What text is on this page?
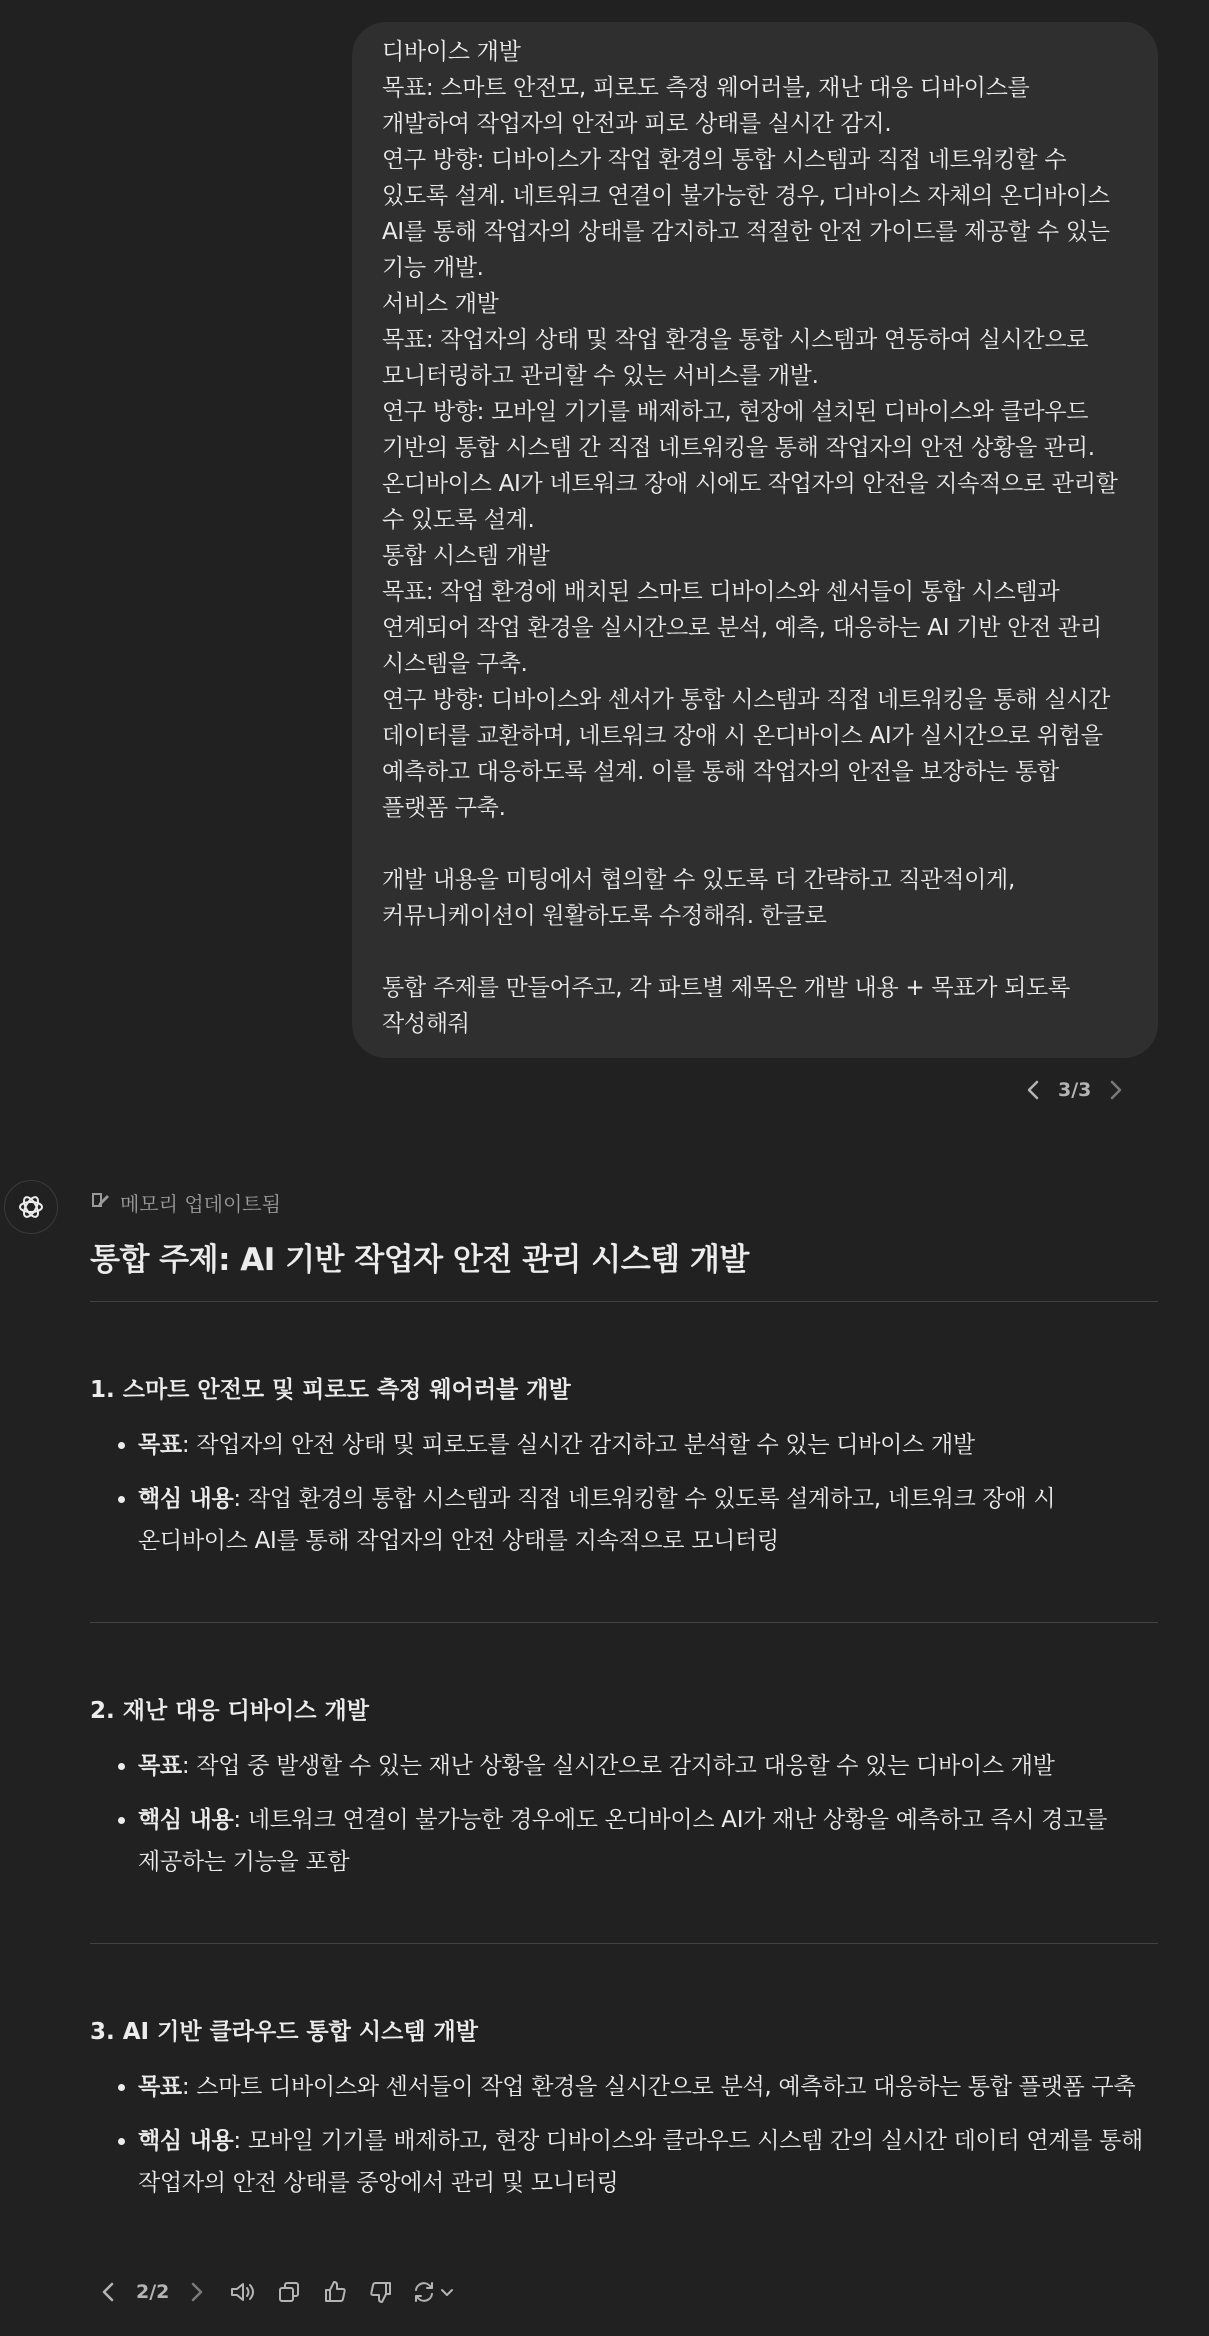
디바이스 개발

목표: 스마트 안전모, 피로도 측정 웨어러블, 재난 대응 디바이스를 개발하여 작업자의 안전과 피로 상태를 실시간 감지.

연구 방향: 디바이스가 작업 환경의 통합 시스템과 직접 네트워킹할 수 있도록 설계. 네트워크 연결이 불가능한 경우, 디바이스 자체의 온디바이스 AI를 통해 작업자의 상태를 감지하고 적절한 안전 가이드를 제공할 수 있는 기능 개발.

서비스 개발

목표: 작업자의 상태 및 작업 환경을 통합 시스템과 연동하여 실시간으로 모니터링하고 관리할 수 있는 서비스를 개발.

연구 방향: 모바일 기기를 배제하고, 현장에 설치된 디바이스와 클라우드 기반의 통합 시스템 간 직접 네트워킹을 통해 작업자의 안전 상황을 관리. 온디바이스 AI가 네트워크 장애 시에도 작업자의 안전을 지속적으로 관리할 수 있도록 설계.

통합 시스템 개발

목표: 작업 환경에 배치된 스마트 디바이스와 센서들이 통합 시스템과 연계되어 작업 환경을 실시간으로 분석, 예측, 대응하는 AI 기반 안전 관리 시스템을 구축.

연구 방향: 디바이스와 센서가 통합 시스템과 직접 네트워킹을 통해 실시간 데이터를 교환하며, 네트워크 장애 시 온디바이스 AI가 실시간으로 위험을 예측하고 대응하도록 설계. 이를 통해 작업자의 안전을 보장하는 통합 플랫폼 구축.

개발 내용을 미팅에서 협의할 수 있도록 더 간략하고 직관적이게, 커뮤니케이션이 원활하도록 수정해줘. 한글로

통합 주제를 만들어주고, 각 파트별 제목은 개발 내용 + 목표가 되도록 작성해줘

3/3
메모리 업데이트됨
통합 주제: AI 기반 작업자 안전 관리 시스템 개발
1. 스마트 안전모 및 피로도 측정 웨어러블 개발
• 목표: 작업자의 안전 상태 및 피로도를 실시간 감지하고 분석할 수 있는 디바이스 개발
• 핵심 내용: 작업 환경의 통합 시스템과 직접 네트워킹할 수 있도록 설계하고, 네트워크 장애 시 온디바이스 AI를 통해 작업자의 안전 상태를 지속적으로 모니터링
2. 재난 대응 디바이스 개발
• 목표: 작업 중 발생할 수 있는 재난 상황을 실시간으로 감지하고 대응할 수 있는 디바이스 개발
• 핵심 내용: 네트워크 연결이 불가능한 경우에도 온디바이스 AI가 재난 상황을 예측하고 즉시 경고를 제공하는 기능을 포함
3. AI 기반 클라우드 통합 시스템 개발
• 목표: 스마트 디바이스와 센서들이 작업 환경을 실시간으로 분석, 예측하고 대응하는 통합 플랫폼 구축
• 핵심 내용: 모바일 기기를 배제하고, 현장 디바이스와 클라우드 시스템 간의 실시간 데이터 연계를 통해 작업자의 안전 상태를 중앙에서 관리 및 모니터링
2/2
